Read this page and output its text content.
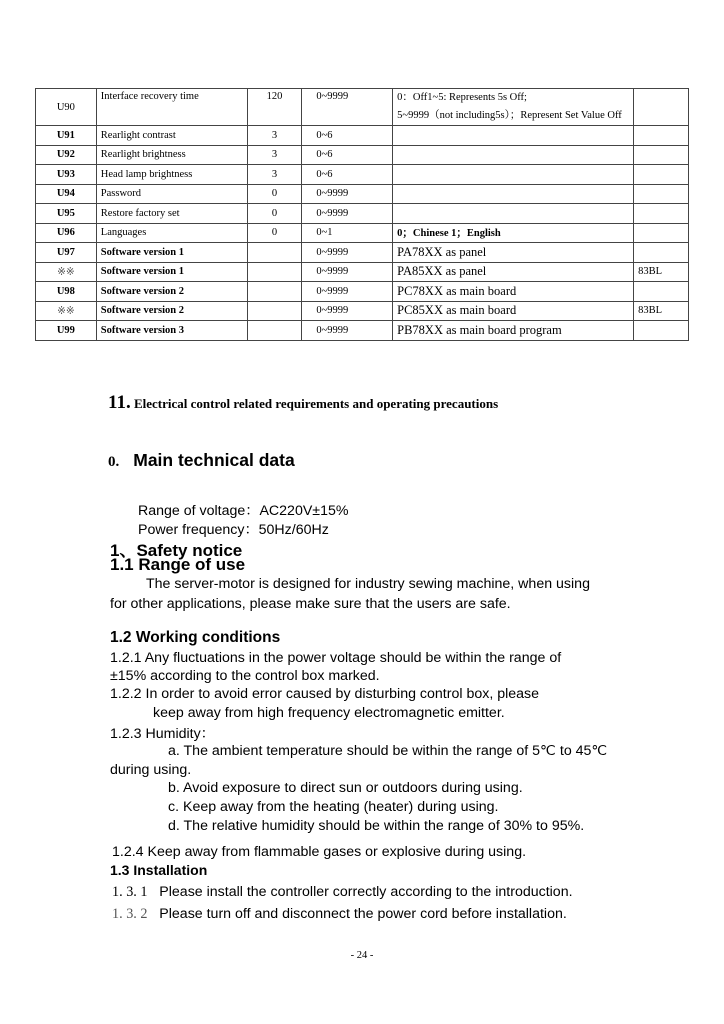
U90	Interface recovery time	120	0~9999	0：Off1~5: Represents 5s Off;
5~9999（not including5s）；Represent Set Value Off	

U91	Rearlight contrast	3	0~6		
U92	Rearlight brightness	3	0~6		
U93	Head lamp brightness	3	0~6		
U94	Password	0	0~9999		
U95	Restore factory set	0	0~9999		
U96	Languages	0	0~1	0；Chinese 1；English	
U97	Software version 1		0~9999	PA78XX as panel	
※※	Software version 1		0~9999	PA85XX as panel	83BL
U98	Software version 2		0~9999	PC78XX as main board	
※※	Software version 2		0~9999	PC85XX as main board	83BL
U99	Software version 3		0~9999	PB78XX as main board program	
11. Electrical control related requirements and operating precautions
0. Main technical data
Range of voltage：AC220V±15%
Power frequency：50Hz/60Hz
1、Safety notice
1.1 Range of use
The server-motor is designed for industry sewing machine, when using
for other applications, please make sure that the users are safe.
1.2 Working conditions
1.2.1 Any fluctuations in the power voltage should be within the range of
±15% according to the control box marked.
1.2.2 In order to avoid error caused by disturbing control box, please
keep away from high frequency electromagnetic emitter.
1.2.3 Humidity：
a. The ambient temperature should be within the range of 5℃ to 45℃
during using.
b. Avoid exposure to direct sun or outdoors during using.
c. Keep away from the heating (heater) during using.
d. The relative humidity should be within the range of 30% to 95%.
1.2.4 Keep away from flammable gases or explosive during using.
1.3 Installation
1. 3. 1 Please install the controller correctly according to the introduction.
1. 3. 2 Please turn off and disconnect the power cord before installation.
- 24 -
